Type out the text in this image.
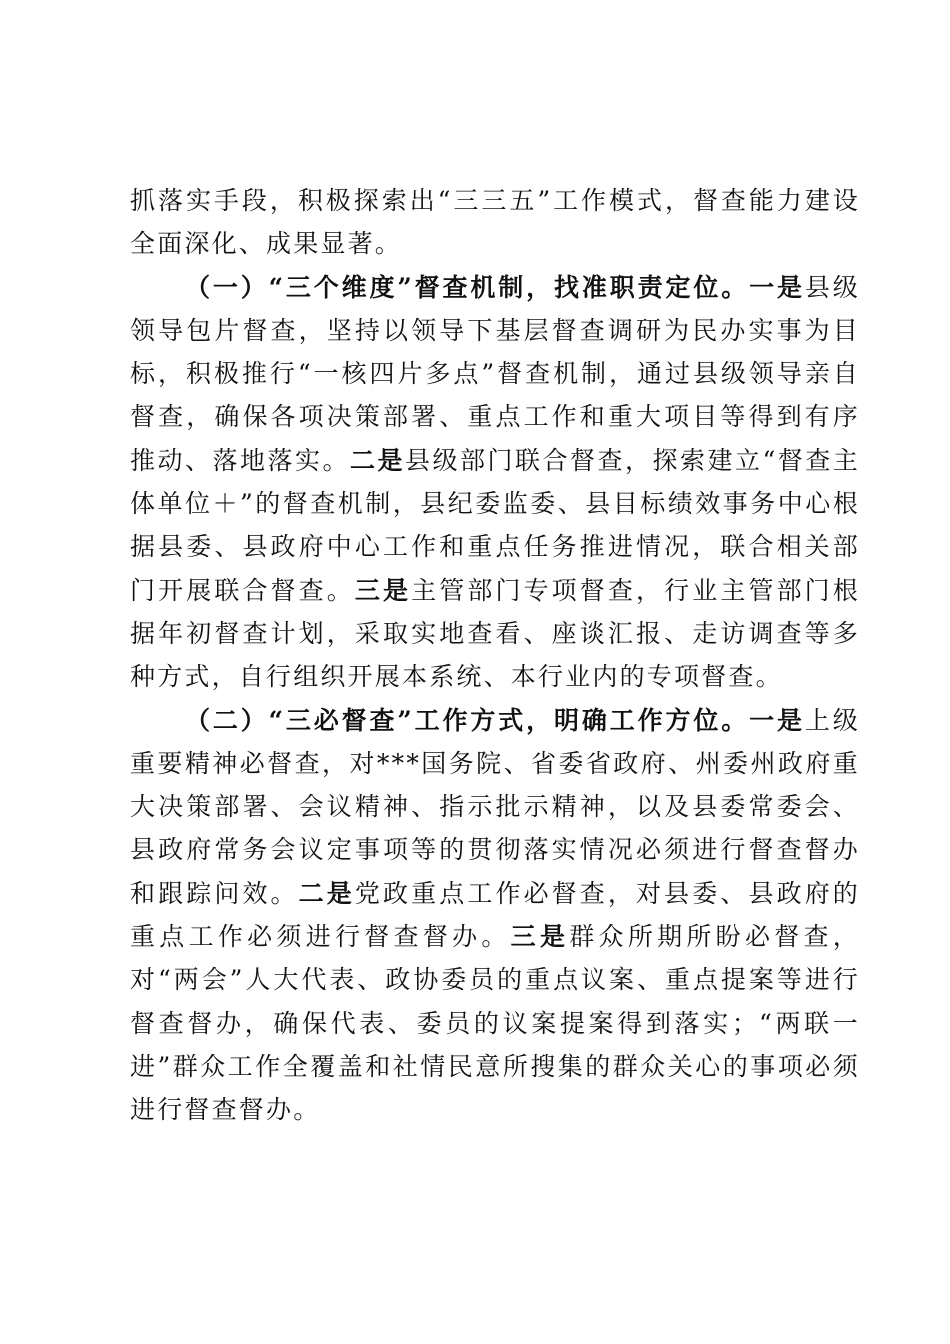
抓落实手段，积极探索出“三三五”工作模式，督查能力建设全面深化、成果显著。

（一）“三个维度”督查机制，找准职责定位。一是县级领导包片督查，坚持以领导下基层督查调研为民办实事为目标，积极推行“一核四片多点”督查机制，通过县级领导亲自督查，确保各项决策部署、重点工作和重大项目等得到有序推动、落地落实。二是县级部门联合督查，探索建立“督查主体单位＋”的督查机制，县纪委监委、县目标绩效事务中心根据县委、县政府中心工作和重点任务推进情况，联合相关部门开展联合督查。三是主管部门专项督查，行业主管部门根据年初督查计划，采取实地查看、座谈汇报、走访调查等多种方式，自行组织开展本系统、本行业内的专项督查。

（二）“三必督查”工作方式，明确工作方位。一是上级重要精神必督查，对***国务院、省委省政府、州委州政府重大决策部署、会议精神、指示批示精神，以及县委常委会、县政府常务会议定事项等的贯彻落实情况必须进行督查督办和跟踪问效。二是党政重点工作必督查，对县委、县政府的重点工作必须进行督查督办。三是群众所期所盼必督查，对“两会”人大代表、政协委员的重点议案、重点提案等进行督查督办，确保代表、委员的议案提案得到落实；“两联一进”群众工作全覆盖和社情民意所搜集的群众关心的事项必须进行督查督办。
